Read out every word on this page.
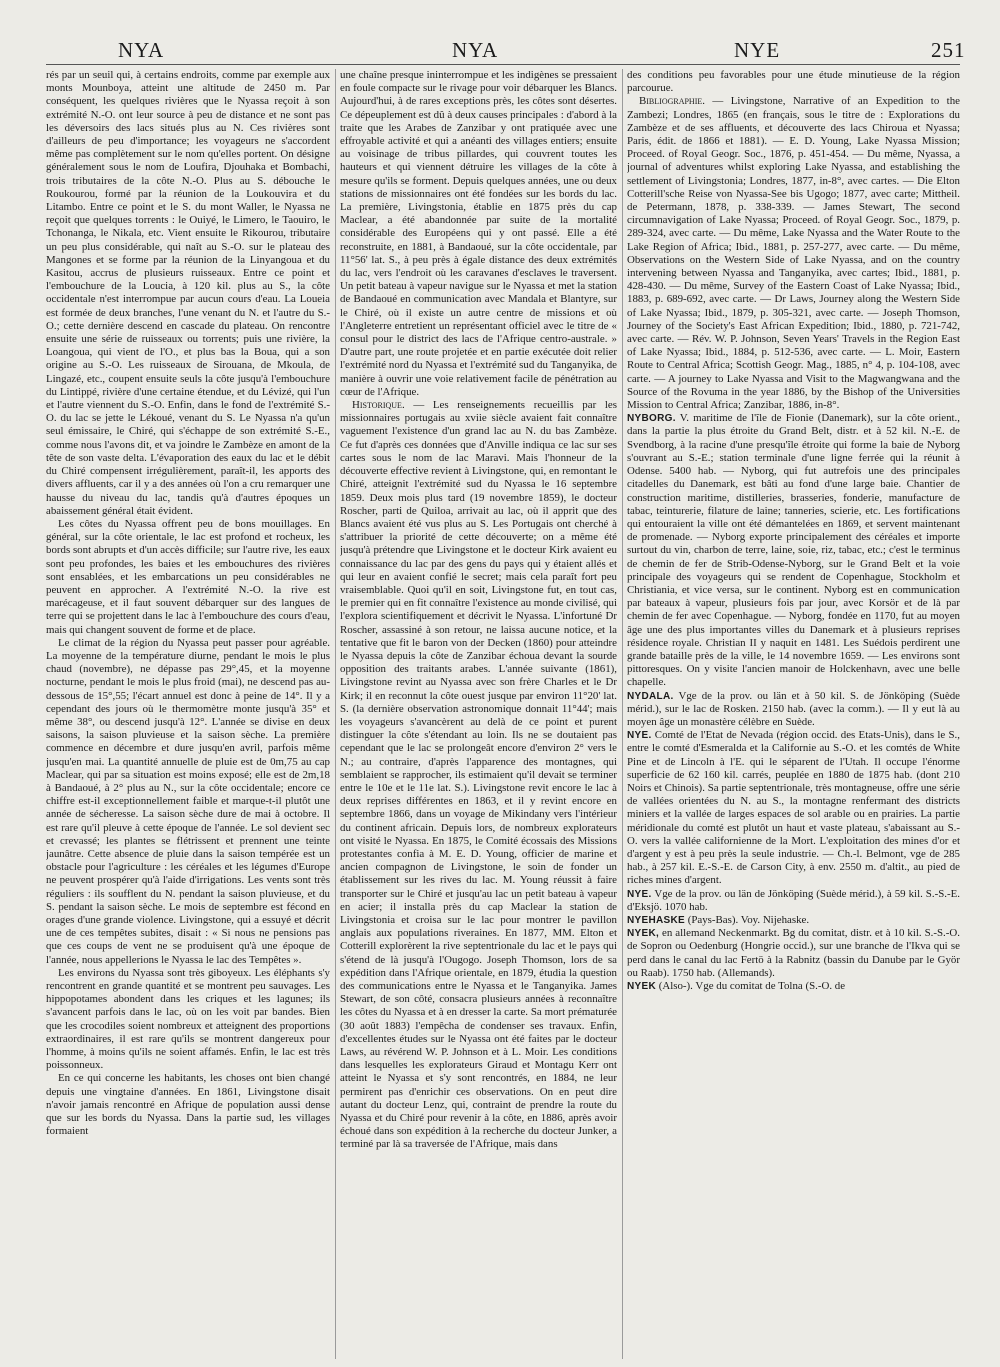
NYA	NYA	NYE	251

rés par un seuil qui, à certains endroits, comme par exemple aux monts Mounboya, atteint une altitude de 2450 m. Par conséquent, les quelques rivières que le Nyassa reçoit à son extrémité N.-O. ont leur source à peu de distance et ne sont pas les déversoirs des lacs situés plus au N. Ces rivières sont d'ailleurs de peu d'importance; les voyageurs ne s'accordent même pas complètement sur le nom qu'elles portent. On désigne généralement sous le nom de Loufira, Djouhaka et Bombachi, trois tributaires de la côte N.-O. Plus au S. débouche le Roukourou, formé par la réunion de la Loukouvira et du Litambo. Entre ce point et le S. du mont Waller, le Nyassa ne reçoit que quelques torrents : le Ouiyé, le Limero, le Taouiro, le Tchonanga, le Nikala, etc. Vient ensuite le Rikourou, tributaire un peu plus considérable, qui naît au S.-O. sur le plateau des Mangones et se forme par la réunion de la Linyangoua et du Kasitou, accrus de plusieurs ruisseaux. Entre ce point et l'embouchure de la Loucia, à 120 kil. plus au S., la côte occidentale n'est interrompue par aucun cours d'eau. La Loueia est formée de deux branches, l'une venant du N. et l'autre du S.-O.; cette dernière descend en cascade du plateau. On rencontre ensuite une série de ruisseaux ou torrents; puis une rivière, la Loangoua, qui vient de l'O., et plus bas la Boua, qui a son origine au S.-O. Les ruisseaux de Sirouana, de Mkoula, de Lingazé, etc., coupent ensuite seuls la côte jusqu'à l'embouchure du Lintippé, rivière d'une certaine étendue, et du Lévizé, qui l'un et l'autre viennent du S.-O. Enfin, dans le fond de l'extrémité S.-O. du lac se jette le Lékoué, venant du S. Le Nyassa n'a qu'un seul émissaire, le Chiré, qui s'échappe de son extrémité S.-E., comme nous l'avons dit, et va joindre le Zambèze en amont de la tête de son vaste delta. L'évaporation des eaux du lac et le débit du Chiré compensent irrégulièrement, paraît-il, les apports des divers affluents, car il y a des années où l'on a cru remarquer une hausse du niveau du lac, tandis qu'à d'autres époques un abaissement général était évident.

Les côtes du Nyassa offrent peu de bons mouillages. En général, sur la côte orientale, le lac est profond et rocheux, les bords sont abrupts et d'un accès difficile; sur l'autre rive, les eaux sont peu profondes, les baies et les embouchures des rivières sont ensablées, et les embarcations un peu considérables ne peuvent en approcher. A l'extrémité N.-O. la rive est marécageuse, et il faut souvent débarquer sur des langues de terre qui se projettent dans le lac à l'embouchure des cours d'eau, mais qui changent souvent de forme et de place.

Le climat de la région du Nyassa peut passer pour agréable. La moyenne de la température diurne, pendant le mois le plus chaud (novembre), ne dépasse pas 29°,45, et la moyenne nocturne, pendant le mois le plus froid (mai), ne descend pas au-dessous de 15°,55; l'écart annuel est donc à peine de 14°. Il y a cependant des jours où le thermomètre monte jusqu'à 35° et même 38°, ou descend jusqu'à 12°. L'année se divise en deux saisons, la saison pluvieuse et la saison sèche. La première commence en décembre et dure jusqu'en avril, parfois même jusqu'en mai. La quantité annuelle de pluie est de 0m,75 au cap Maclear, qui par sa situation est moins exposé; elle est de 2m,18 à Bandaoué, à 2° plus au N., sur la côte occidentale; encore ce chiffre est-il exceptionnellement faible et marque-t-il plutôt une année de sécheresse. La saison sèche dure de mai à octobre. Il est rare qu'il pleuve à cette époque de l'année. Le sol devient sec et crevassé; les plantes se flétrissent et prennent une teinte jaunâtre. Cette absence de pluie dans la saison tempérée est un obstacle pour l'agriculture : les céréales et les légumes d'Europe ne peuvent prospérer qu'à l'aide d'irrigations. Les vents sont très réguliers : ils soufflent du N. pendant la saison pluvieuse, et du S. pendant la saison sèche. Le mois de septembre est fécond en orages d'une grande violence. Livingstone, qui a essuyé et décrit une de ces tempêtes subites, disait : « Si nous ne pensions pas que ces coups de vent ne se produisent qu'à une époque de l'année, nous appellerions le Nyassa le lac des Tempêtes ».

Les environs du Nyassa sont très giboyeux. Les éléphants s'y rencontrent en grande quantité et se montrent peu sauvages. Les hippopotames abondent dans les criques et les lagunes; ils s'avancent parfois dans le lac, où on les voit par bandes. Bien que les crocodiles soient nombreux et atteignent des proportions extraordinaires, il est rare qu'ils se montrent dangereux pour l'homme, à moins qu'ils ne soient affamés. Enfin, le lac est très poissonneux.

En ce qui concerne les habitants, les choses ont bien changé depuis une vingtaine d'années. En 1861, Livingstone disait n'avoir jamais rencontré en Afrique de population aussi dense que sur les bords du Nyassa. Dans la partie sud, les villages formaient

une chaîne presque ininterrompue et les indigènes se pressaient en foule compacte sur le rivage pour voir débarquer les Blancs. Aujourd'hui, à de rares exceptions près, les côtes sont désertes. Ce dépeuplement est dû à deux causes principales : d'abord à la traite que les Arabes de Zanzibar y ont pratiquée avec une effroyable activité et qui a anéanti des villages entiers; ensuite au voisinage de tribus pillardes, qui couvrent toutes les hauteurs et qui viennent détruire les villages de la côte à mesure qu'ils se forment. Depuis quelques années, une ou deux stations de missionnaires ont été fondées sur les bords du lac. La première, Livingstonia, établie en 1875 près du cap Maclear, a été abandonnée par suite de la mortalité considérable des Européens qui y ont passé. Elle a été reconstruite, en 1881, à Bandaoué, sur la côte occidentale, par 11°56' lat. S., à peu près à égale distance des deux extrémités du lac, vers l'endroit où les caravanes d'esclaves le traversent. Un petit bateau à vapeur navigue sur le Nyassa et met la station de Bandaoué en communication avec Mandala et Blantyre, sur le Chiré, où il existe un autre centre de missions et où l'Angleterre entretient un représentant officiel avec le titre de « consul pour le district des lacs de l'Afrique centro-australe. » D'autre part, une route projetée et en partie exécutée doit relier l'extrémité nord du Nyassa et l'extrémité sud du Tanganyika, de manière à ouvrir une voie relativement facile de pénétration au cœur de l'Afrique.

Historique. — Les renseignements recueillis par les missionnaires portugais au xviie siècle avaient fait connaître vaguement l'existence d'un grand lac au N. du bas Zambèze. Ce fut d'après ces données que d'Anville indiqua ce lac sur ses cartes sous le nom de lac Maravi. Mais l'honneur de la découverte effective revient à Livingstone, qui, en remontant le Chiré, atteignit l'extrémité sud du Nyassa le 16 septembre 1859. Deux mois plus tard (19 novembre 1859), le docteur Roscher, parti de Quiloa, arrivait au lac, où il apprit que des Blancs avaient été vus plus au S. Les Portugais ont cherché à s'attribuer la priorité de cette découverte; on a même été jusqu'à prétendre que Livingstone et le docteur Kirk avaient eu connaissance du lac par des gens du pays qui y étaient allés et qui leur en avaient confié le secret; mais cela paraît fort peu vraisemblable. Quoi qu'il en soit, Livingstone fut, en tout cas, le premier qui en fit connaître l'existence au monde civilisé, qui l'explora scientifiquement et décrivit le Nyassa. L'infortuné Dr Roscher, assassiné à son retour, ne laissa aucune notice, et la tentative que fit le baron von der Decken (1860) pour atteindre le Nyassa depuis la côte de Zanzibar échoua devant la sourde opposition des traitants arabes. L'année suivante (1861), Livingstone revint au Nyassa avec son frère Charles et le Dr Kirk; il en reconnut la côte ouest jusque par environ 11°20' lat. S. (la dernière observation astronomique donnait 11°44'; mais les voyageurs s'avancèrent au delà de ce point et purent distinguer la côte s'étendant au loin. Ils ne se doutaient pas cependant que le lac se prolongeât encore d'environ 2° vers le N.; au contraire, d'après l'apparence des montagnes, qui semblaient se rapprocher, ils estimaient qu'il devait se terminer entre le 10e et le 11e lat. S.). Livingstone revit encore le lac à deux reprises différentes en 1863, et il y revint encore en septembre 1866, dans un voyage de Mikindany vers l'intérieur du continent africain. Depuis lors, de nombreux explorateurs ont visité le Nyassa. En 1875, le Comité écossais des Missions protestantes confia à M. E. D. Young, officier de marine et ancien compagnon de Livingstone, le soin de fonder un établissement sur les rives du lac. M. Young réussit à faire transporter sur le Chiré et jusqu'au lac un petit bateau à vapeur en acier; il installa près du cap Maclear la station de Livingstonia et croisa sur le lac pour montrer le pavillon anglais aux populations riveraines. En 1877, MM. Elton et Cotterill explorèrent la rive septentrionale du lac et le pays qui s'étend de là jusqu'à l'Ougogo. Joseph Thomson, lors de sa expédition dans l'Afrique orientale, en 1879, étudia la question des communications entre le Nyassa et le Tanganyika. James Stewart, de son côté, consacra plusieurs années à reconnaître les côtes du Nyassa et à en dresser la carte. Sa mort prématurée (30 août 1883) l'empêcha de condenser ses travaux. Enfin, d'excellentes études sur le Nyassa ont été faites par le docteur Laws, au révérend W. P. Johnson et à L. Moir. Les conditions dans lesquelles les explorateurs Giraud et Montagu Kerr ont atteint le Nyassa et s'y sont rencontrés, en 1884, ne leur permirent pas d'enrichir ces observations. On en peut dire autant du docteur Lenz, qui, contraint de prendre la route du Nyassa et du Chiré pour revenir à la côte, en 1886, après avoir échoué dans son expédition à la recherche du docteur Junker, a terminé par là sa traversée de l'Afrique, mais dans

des conditions peu favorables pour une étude minutieuse de la région parcourue.

Bibliographie. — Livingstone, Narrative of an Expedition to the Zambezi; Londres, 1865 (en français, sous le titre de : Explorations du Zambèze et de ses affluents, et découverte des lacs Chiroua et Nyassa; Paris, édit. de 1866 et 1881). — E. D. Young, Lake Nyassa Mission; Proceed. of Royal Geogr. Soc., 1876, p. 451-454. — Du même, Nyassa, a journal of adventures whilst exploring Lake Nyassa, and establishing the settlement of Livingstonia; Londres, 1877, in-8°, avec cartes. — Die Elton Cotterill'sche Reise von Nyassa-See bis Ugogo; 1877, avec carte; Mittheil. de Petermann, 1878, p. 338-339. — James Stewart, The second circumnavigation of Lake Nyassa; Proceed. of Royal Geogr. Soc., 1879, p. 289-324, avec carte. — Du même, Lake Nyassa and the Water Route to the Lake Region of Africa; Ibid., 1881, p. 257-277, avec carte. — Du même, Observations on the Western Side of Lake Nyassa, and on the country intervening between Nyassa and Tanganyika, avec cartes; Ibid., 1881, p. 428-430. — Du même, Survey of the Eastern Coast of Lake Nyassa; Ibid., 1883, p. 689-692, avec carte. — Dr Laws, Journey along the Western Side of Lake Nyassa; Ibid., 1879, p. 305-321, avec carte. — Joseph Thomson, Journey of the Society's East African Expedition; Ibid., 1880, p. 721-742, avec carte. — Rév. W. P. Johnson, Seven Years' Travels in the Region East of Lake Nyassa; Ibid., 1884, p. 512-536, avec carte. — L. Moir, Eastern Route to Central Africa; Scottish Geogr. Mag., 1885, n° 4, p. 104-108, avec carte. — A journey to Lake Nyassa and Visit to the Magwangwana and the Source of the Rovuma in the year 1886, by the Bishop of the Universities Mission to Central Africa; Zanzibar, 1886, in-8°.

NYBORG. V. maritime de l'île de Fionie (Danemark), sur la côte orient., dans la partie la plus étroite du Grand Belt, distr. et à 52 kil. N.-E. de Svendborg, à la racine d'une presqu'île étroite qui forme la baie de Nyborg s'ouvrant au S.-E.; station terminale d'une ligne ferrée qui la réunit à Odense. 5400 hab. — Nyborg, qui fut autrefois une des principales citadelles du Danemark, est bâti au fond d'une large baie. Chantier de construction maritime, distilleries, brasseries, fonderie, manufacture de tabac, teinturerie, filature de laine; tanneries, scierie, etc. Les fortifications qui entouraient la ville ont été démantelées en 1869, et servent maintenant de promenade. — Nyborg exporte principalement des céréales et importe surtout du vin, charbon de terre, laine, soie, riz, tabac, etc.; c'est le terminus de chemin de fer de Strib-Odense-Nyborg, sur le Grand Belt et la voie principale des voyageurs qui se rendent de Copenhague, Stockholm et Christiania, et vice versa, sur le continent. Nyborg est en communication par bateaux à vapeur, plusieurs fois par jour, avec Korsör et de là par chemin de fer avec Copenhague. — Nyborg, fondée en 1170, fut au moyen âge une des plus importantes villes du Danemark et à plusieurs reprises résidence royale. Christian II y naquit en 1481. Les Suédois perdirent une grande bataille près de la ville, le 14 novembre 1659. — Les environs sont pittoresques. On y visite l'ancien manoir de Holckenhavn, avec une belle chapelle.

NYDALA. Vge de la prov. ou län et à 50 kil. S. de Jönköping (Suède mérid.), sur le lac de Rosken. 2150 hab. (avec la comm.). — Il y eut là au moyen âge un monastère célèbre en Suède.

NYE. Comté de l'Etat de Nevada (région occid. des Etats-Unis), dans le S., entre le comté d'Esmeralda et la Californie au S.-O. et les comtés de White Pine et de Lincoln à l'E. qui le séparent de l'Utah. Il occupe l'énorme superficie de 62 160 kil. carrés, peuplée en 1880 de 1875 hab. (dont 210 Noirs et Chinois). Sa partie septentrionale, très montagneuse, offre une série de vallées orientées du N. au S., la montagne renfermant des districts miniers et la vallée de larges espaces de sol arable ou en prairies. La partie méridionale du comté est plutôt un haut et vaste plateau, s'abaissant au S.-O. vers la vallée californienne de la Mort. L'exploitation des mines d'or et d'argent y est à peu près la seule industrie. — Ch.-l. Belmont, vge de 285 hab., à 257 kil. E.-S.-E. de Carson City, à env. 2550 m. d'altit., au pied de riches mines d'argent.

NYE. Vge de la prov. ou län de Jönköping (Suède mérid.), à 59 kil. S.-S.-E. d'Eksjö. 1070 hab.

NYEHASKE (Pays-Bas). Voy. Nijehaske.

NYEK, en allemand Neckenmarkt. Bg du comitat, distr. et à 10 kil. S.-S.-O. de Sopron ou Oedenburg (Hongrie occid.), sur une branche de l'Ikva qui se perd dans le canal du lac Fertö à la Rabnitz (bassin du Danube par le Györ ou Raab). 1750 hab. (Allemands).

NYEK (Also-). Vge du comitat de Tolna (S.-O. de
